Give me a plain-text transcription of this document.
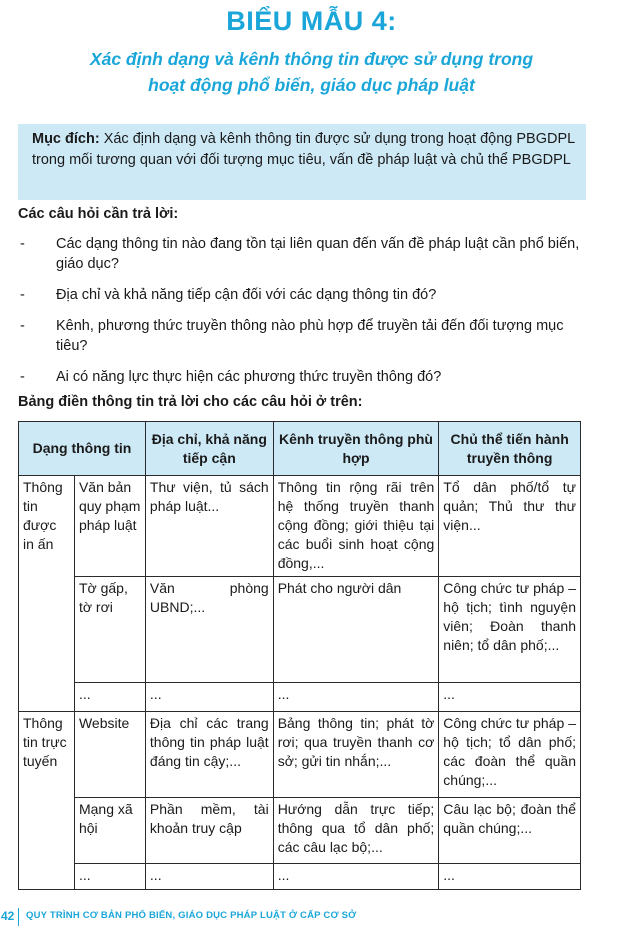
BIỂU MẪU 4:
Xác định dạng và kênh thông tin được sử dụng trong
hoạt động phổ biến, giáo dục pháp luật
Mục đích: Xác định dạng và kênh thông tin được sử dụng trong hoạt động PBGDPL trong mối tương quan với đối tượng mục tiêu, vấn đề pháp luật và chủ thể PBGDPL
Các câu hỏi cần trả lời:
- Các dạng thông tin nào đang tồn tại liên quan đến vấn đề pháp luật cần phổ biến, giáo dục?
- Địa chỉ và khả năng tiếp cận đối với các dạng thông tin đó?
- Kênh, phương thức truyền thông nào phù hợp để truyền tải đến đối tượng mục tiêu?
- Ai có năng lực thực hiện các phương thức truyền thông đó?
Bảng điền thông tin trả lời cho các câu hỏi ở trên:
Dạng thông tin		Địa chỉ, khả năng tiếp cận	Kênh truyền thông phù hợp	Chủ thể tiến hành truyền thông
Thông tin được in ấn	Văn bản quy phạm pháp luật	Thư viện, tủ sách pháp luật...	Thông tin rộng rãi trên hệ thống truyền thanh cộng đồng; giới thiệu tại các buổi sinh hoạt cộng đồng,...	Tổ dân phố/tổ tự quản; Thủ thư thư viện...
	Tờ gấp, tờ rơi	Văn phòng UBND;...	Phát cho người dân	Công chức tư pháp – hộ tịch; tình nguyện viên; Đoàn thanh niên; tổ dân phố;...
	...	...	...	...
Thông tin trực tuyến	Website	Địa chỉ các trang thông tin pháp luật đáng tin cậy;...	Bảng thông tin; phát tờ rơi; qua truyền thanh cơ sở; gửi tin nhắn;...	Công chức tư pháp – hộ tịch; tổ dân phố; các đoàn thể quần chúng;...
	Mạng xã hội	Phần mềm, tài khoản truy cập	Hướng dẫn trực tiếp; thông qua tổ dân phố; các câu lạc bộ;...	Câu lạc bộ; đoàn thể quần chúng;...
	...	...	...	...
42 QUY TRÌNH CƠ BẢN PHỔ BIẾN, GIÁO DỤC PHÁP LUẬT Ở CẤP CƠ SỞ
